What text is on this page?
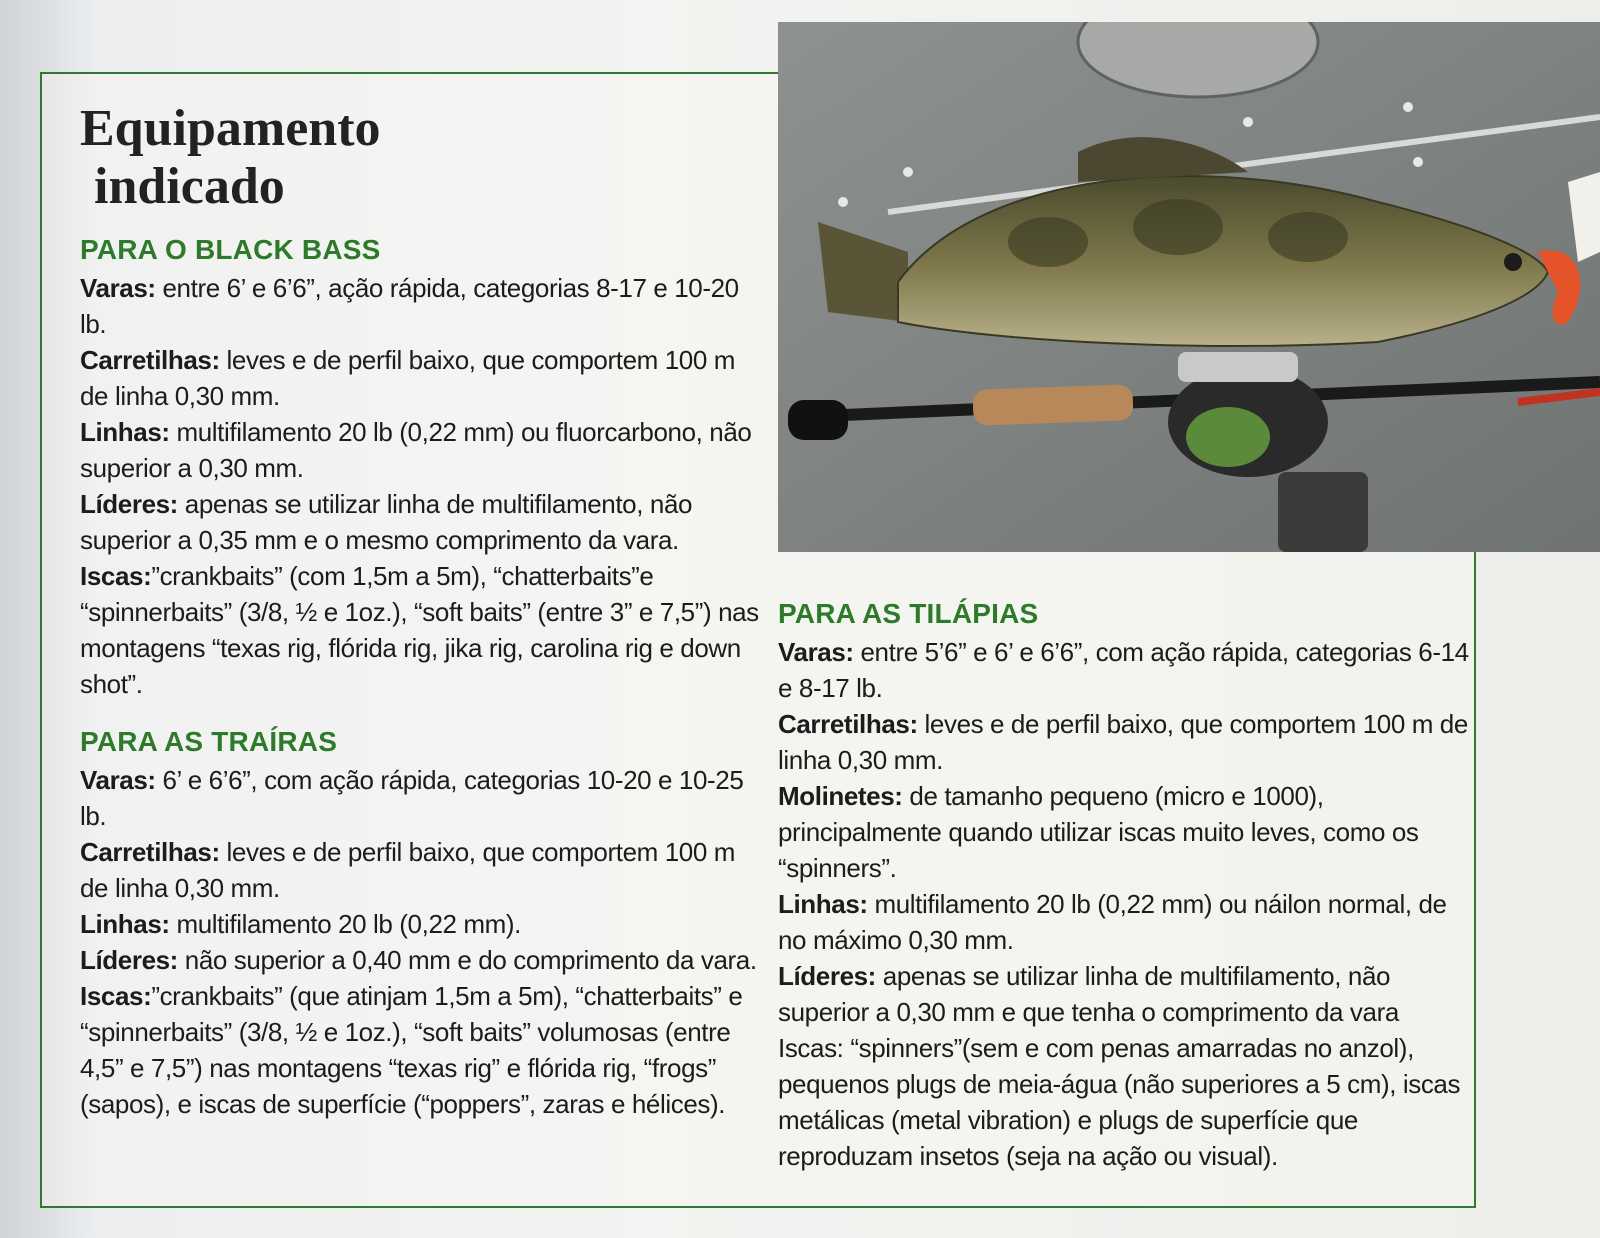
Equipamento
indicado
PARA O BLACK BASS

Varas: entre 6’ e 6’6”, ação rápida, categorias 8-17 e 10-20 lb.

Carretilhas: leves e de perfil baixo, que comportem 100 m de linha 0,30 mm.

Linhas: multifilamento 20 lb (0,22 mm) ou fluorcarbono, não superior a 0,30 mm.

Líderes: apenas se utilizar linha de multifilamento, não superior a 0,35 mm e o mesmo comprimento da vara.

Iscas:”crankbaits” (com 1,5m a 5m), “chatterbaits”e “spinnerbaits” (3/8, ½ e 1oz.), “soft baits” (entre 3” e 7,5”) nas montagens “texas rig, flórida rig, jika rig, carolina rig e down shot”.

PARA AS TRAÍRAS

Varas: 6’ e 6’6”, com ação rápida, categorias 10-20 e 10-25 lb.

Carretilhas: leves e de perfil baixo, que comportem 100 m de linha 0,30 mm.

Linhas: multifilamento 20 lb (0,22 mm).

Líderes: não superior a 0,40 mm e do comprimento da vara.

Iscas:”crankbaits” (que atinjam 1,5m a 5m), “chatterbaits” e “spinnerbaits” (3/8, ½ e 1oz.), “soft baits” volumosas (entre 4,5” e 7,5”) nas montagens “texas rig” e flórida rig, “frogs” (sapos), e iscas de superfície (“poppers”, zaras e hélices).

PARA AS TILÁPIAS

Varas: entre 5’6” e 6’ e 6’6”, com ação rápida, categorias 6-14 e 8-17 lb.

Carretilhas: leves e de perfil baixo, que comportem 100 m de linha 0,30 mm.

Molinetes: de tamanho pequeno (micro e 1000), principalmente quando utilizar iscas muito leves, como os “spinners”.

Linhas: multifilamento 20 lb (0,22 mm) ou náilon normal, de no máximo 0,30 mm.

Líderes: apenas se utilizar linha de multifilamento, não superior a 0,30 mm e que tenha o comprimento da vara

Iscas: “spinners”(sem e com penas amarradas no anzol), pequenos plugs de meia-água (não superiores a 5 cm), iscas metálicas (metal vibration) e plugs de superfície que reproduzam insetos (seja na ação ou visual).
